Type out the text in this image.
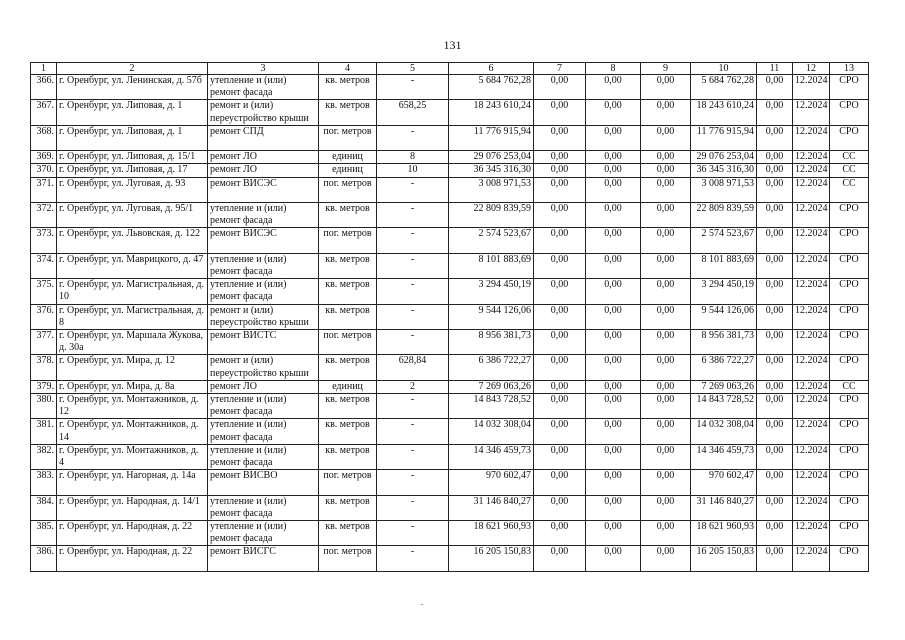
131
1	2	3	4	5	6	7	8	9	10	11	12	13
366.	г. Оренбург, ул. Ленинская, д. 57б	утепление и (или) ремонт фасада	кв. метров	-	5 684 762,28	0,00	0,00	0,00	5 684 762,28	0,00	12.2024	СРО
367.	г. Оренбург, ул. Липовая, д. 1	ремонт и (или) переустройство крыши	кв. метров	658,25	18 243 610,24	0,00	0,00	0,00	18 243 610,24	0,00	12.2024	СРО
368.	г. Оренбург, ул. Липовая, д. 1	ремонт СПД	пог. метров	-	11 776 915,94	0,00	0,00	0,00	11 776 915,94	0,00	12.2024	СРО
369.	г. Оренбург, ул. Липовая, д. 15/1	ремонт ЛО	единиц	8	29 076 253,04	0,00	0,00	0,00	29 076 253,04	0,00	12.2024	СС
370.	г. Оренбург, ул. Липовая, д. 17	ремонт ЛО	единиц	10	36 345 316,30	0,00	0,00	0,00	36 345 316,30	0,00	12.2024	СС
371.	г. Оренбург, ул. Луговая, д. 93	ремонт ВИСЭС	пог. метров	-	3 008 971,53	0,00	0,00	0,00	3 008 971,53	0,00	12.2024	СС
372.	г. Оренбург, ул. Луговая, д. 95/1	утепление и (или) ремонт фасада	кв. метров	-	22 809 839,59	0,00	0,00	0,00	22 809 839,59	0,00	12.2024	СРО
373.	г. Оренбург, ул. Львовская, д. 122	ремонт ВИСЭС	пог. метров	-	2 574 523,67	0,00	0,00	0,00	2 574 523,67	0,00	12.2024	СРО
374.	г. Оренбург, ул. Маврицкого, д. 47	утепление и (или) ремонт фасада	кв. метров	-	8 101 883,69	0,00	0,00	0,00	8 101 883,69	0,00	12.2024	СРО
375.	г. Оренбург, ул. Магистральная, д. 10	утепление и (или) ремонт фасада	кв. метров	-	3 294 450,19	0,00	0,00	0,00	3 294 450,19	0,00	12.2024	СРО
376.	г. Оренбург, ул. Магистральная, д. 8	ремонт и (или) переустройство крыши	кв. метров	-	9 544 126,06	0,00	0,00	0,00	9 544 126,06	0,00	12.2024	СРО
377.	г. Оренбург, ул. Маршала Жукова, д. 30а	ремонт ВИСТС	пог. метров	-	8 956 381,73	0,00	0,00	0,00	8 956 381,73	0,00	12.2024	СРО
378.	г. Оренбург, ул. Мира, д. 12	ремонт и (или) переустройство крыши	кв. метров	628,84	6 386 722,27	0,00	0,00	0,00	6 386 722,27	0,00	12.2024	СРО
379.	г. Оренбург, ул. Мира, д. 8а	ремонт ЛО	единиц	2	7 269 063,26	0,00	0,00	0,00	7 269 063,26	0,00	12.2024	СС
380.	г. Оренбург, ул. Монтажников, д. 12	утепление и (или) ремонт фасада	кв. метров	-	14 843 728,52	0,00	0,00	0,00	14 843 728,52	0,00	12.2024	СРО
381.	г. Оренбург, ул. Монтажников, д. 14	утепление и (или) ремонт фасада	кв. метров	-	14 032 308,04	0,00	0,00	0,00	14 032 308,04	0,00	12.2024	СРО
382.	г. Оренбург, ул. Монтажников, д. 4	утепление и (или) ремонт фасада	кв. метров	-	14 346 459,73	0,00	0,00	0,00	14 346 459,73	0,00	12.2024	СРО
383.	г. Оренбург, ул. Нагорная, д. 14а	ремонт ВИСВО	пог. метров	-	970 602,47	0,00	0,00	0,00	970 602,47	0,00	12.2024	СРО
384.	г. Оренбург, ул. Народная, д. 14/1	утепление и (или) ремонт фасада	кв. метров	-	31 146 840,27	0,00	0,00	0,00	31 146 840,27	0,00	12.2024	СРО
385.	г. Оренбург, ул. Народная, д. 22	утепление и (или) ремонт фасада	кв. метров	-	18 621 960,93	0,00	0,00	0,00	18 621 960,93	0,00	12.2024	СРО
386.	г. Оренбург, ул. Народная, д. 22	ремонт ВИСГС	пог. метров	-	16 205 150,83	0,00	0,00	0,00	16 205 150,83	0,00	12.2024	СРО
